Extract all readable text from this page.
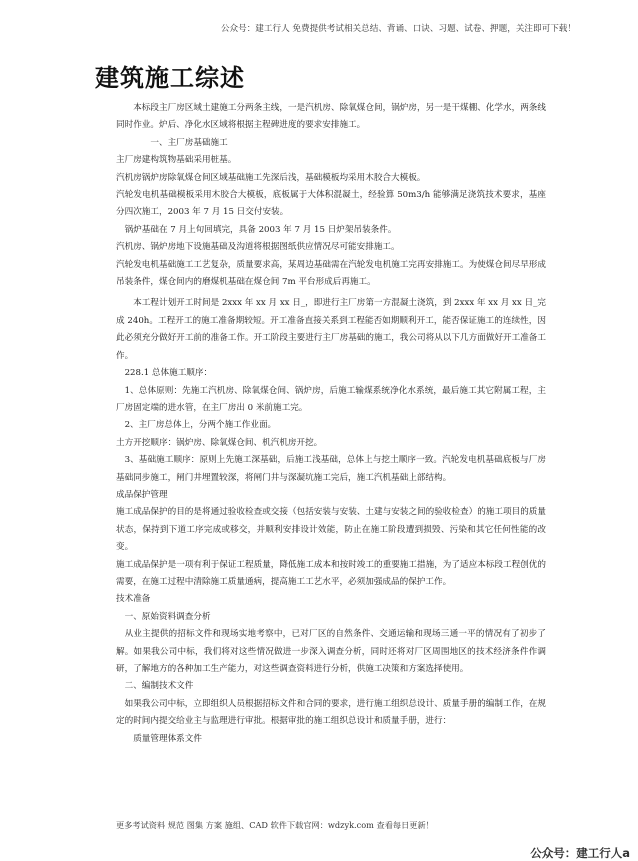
公众号：建工行人 免费提供考试相关总结、背诵、口诀、习题、试卷、押题，关注即可下载！
建筑施工综述

本标段主厂房区域土建施工分两条主线，一是汽机房、除氧煤仓间，锅炉房，另一是干煤棚、化学水，两条线同时作业。炉后、净化水区域将根据主程碑进度的要求安排施工。

一、主厂房基础施工

主厂房建构筑物基础采用桩基。

汽机房锅炉房除氧煤仓间区域基础施工先深后浅，基础模板均采用木胶合大模板。

汽轮发电机基础模板采用木胶合大模板，底板属于大体积混凝土，经验算 50m3/h 能够满足浇筑技术要求，基座分四次施工，2003 年 7 月 15 日交付安装。

锅炉基础在 7 月上旬回填完，具备 2003 年 7 月 15 日炉架吊装条件。

汽机房、锅炉房地下设施基础及沟道将根据图纸供应情况尽可能安排施工。

汽轮发电机基础施工工艺复杂，质量要求高，某周边基础需在汽轮发电机施工完再安排施工。为使煤仓间尽早形成吊装条件，煤仓间内的磨煤机基础在煤仓间 7m 平台形成后再施工。

本工程计划开工时间是 2xxx 年 xx 月 xx 日_，即进行主厂房第一方混凝土浇筑，到 2xxx 年 xx 月 xx 日_完成 240h。工程开工的施工准备期较短。开工准备直接关系到工程能否如期顺利开工，能否保证施工的连续性，因此必须充分做好开工前的准备工作。开工阶段主要进行主厂房基础的施工，我公司将从以下几方面做好开工准备工作。

228.1 总体施工顺序：

1、总体原则：先施工汽机房、除氧煤仓间、锅炉房，后施工输煤系统净化水系统，最后施工其它附属工程，主厂房固定端的进水管，在主厂房出 0 米前施工完。

2、主厂房总体上，分两个施工作业面。

土方开挖顺序：锅炉房、除氧煤仓间、机汽机房开挖。

3、基础施工顺序：原则上先施工深基础，后施工浅基础，总体上与挖土顺序一致。汽轮发电机基础底板与厂房基础同步施工，闸门井埋置较深，将闸门井与深凝坑施工完后，施工汽机基础上部结构。

成品保护管理

施工成品保护的目的是将通过验收检查或交接（包括安装与安装、土建与安装之间的验收检查）的施工项目的质量状态，保持到下道工序完成或移交，并顺利安排设计效能，防止在施工阶段遭到损毁、污染和其它任何性能的改变。

施工成品保护是一项有利于保证工程质量，降低施工成本和按时竣工的重要施工措施，为了适应本标段工程创优的需要，在施工过程中清除施工质量通病，提高施工工艺水平，必须加强成品的保护工作。

技术准备

一、原始资料调查分析

从业主提供的招标文件和现场实地考察中，已对厂区的自然条件、交通运输和现场三通一平的情况有了初步了解。如果我公司中标，我们将对这些情况做进一步深入调查分析，同时还将对厂区周围地区的技术经济条件作调研，了解地方的各种加工生产能力，对这些调查资料进行分析，供施工决策和方案选择使用。

二、编制技术文件

如果我公司中标，立即组织人员根据招标文件和合同的要求，进行施工组织总设计、质量手册的编制工作，在规定的时间内提交给业主与监理进行审批。根据审批的施工组织总设计和质量手册，进行：

质量管理体系文件

更多考试资料 规范 图集 方案 施组、CAD 软件下载官网：wdzyk.com 查看每日更新！
公众号：建工行人a
